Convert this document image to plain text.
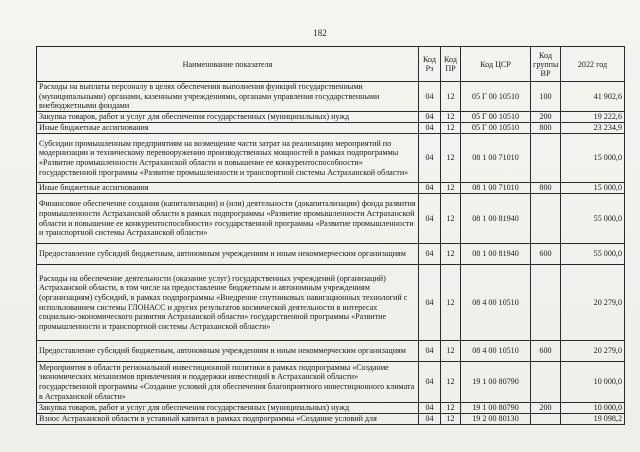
182
Наименование показателя	Код Рз	Код ПР	Код ЦСР	Код группы ВР	2022 год
Расходы на выплаты персоналу в целях обеспечения выполнения функций государственными (муниципальными) органами, казенными учреждениями, органами управления государственными внебюджетными фондами	04	12	05 Г 00 10510	100	41 902,6
Закупка товаров, работ и услуг для обеспечения государственных (муниципальных) нужд	04	12	05 Г 00 10510	200	19 222,6
Иные бюджетные ассигнования	04	12	05 Г 00 10510	800	23 234,9
Субсидии промышленным предприятиям на возмещение части затрат на реализацию мероприятий по модернизации и техническому перевооружению производственных мощностей в рамках подпрограммы «Развитие промышленности Астраханской области и повышение ее конкурентоспособности» государственной программы «Развитие промышленности и транспортной системы Астраханской области»	04	12	08 1 00 71010		15 000,0
Иные бюджетные ассигнования	04	12	08 1 00 71010	800	15 000,0
Финансовое обеспечение создания (капитализации) и (или) деятельности (докапитализации) фонда развития промышленности Астраханской области в рамках подпрограммы «Развитие промышленности Астраханской области и повышение ее конкурентоспособности» государственной программы «Развитие промышленности и транспортной системы Астраханской области»	04	12	08 1 00 81940		55 000,0
Предоставление субсидий бюджетным, автономным учреждениям и иным некоммерческим организациям	04	12	08 1 00 81940	600	55 000,0
Расходы на обеспечение деятельности (оказание услуг) государственных учреждений (организаций) Астраханской области, в том числе на предоставление бюджетным и автономным учреждениям (организациям) субсидий, в рамках подпрограммы «Внедрение спутниковых навигационных технологий с использованием системы ГЛОНАСС и других результатов космической деятельности в интересах социально-экономического развития Астраханской области» государственной программы «Развитие промышленности и транспортной системы Астраханской области»	04	12	08 4 00 10510		20 279,0
Предоставление субсидий бюджетным, автономным учреждениям и иным некоммерческим организациям	04	12	08 4 00 10510	600	20 279,0
Мероприятия в области региональной инвестиционной политики в рамках подпрограммы «Создание экономических механизмов привлечения и поддержки инвестиций в Астраханской области» государственной программы «Создание условий для обеспечения благоприятного инвестиционного климата в Астраханской области»	04	12	19 1 00 80790		10 000,0
Закупка товаров, работ и услуг для обеспечения государственных (муниципальных) нужд	04	12	19 1 00 80790	200	10 000,0
Взнос Астраханской области в уставный капитал в рамках подпрограммы «Создание условий для	04	12	19 2 00 80130		19 098,2
